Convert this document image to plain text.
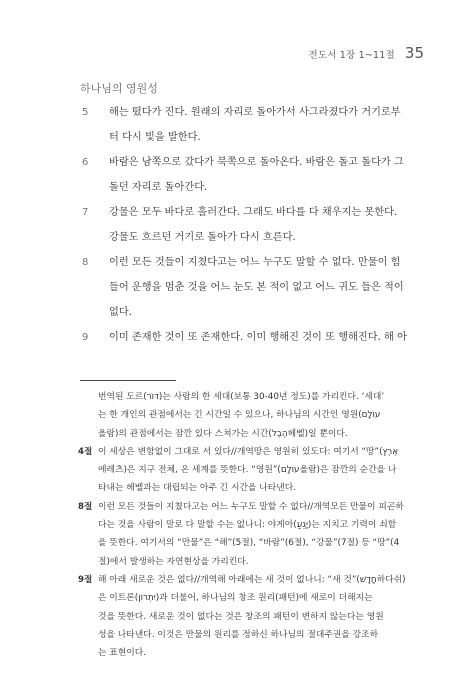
전도서 1장 1~11절 35
하나님의 영원성
5	해는 떴다가 진다. 원래의 자리로 돌아가서 사그라졌다가 거기로부
터 다시 빛을 발한다.
6	바람은 남쪽으로 갔다가 북쪽으로 돌아온다. 바람은 돌고 돌다가 그
돌던 자리로 돌아간다.
7	강물은 모두 바다로 흘러간다. 그래도 바다를 다 채우지는 못한다.
강물도 흐르던 거기로 돌아가 다시 흐른다.
8	이런 모든 것들이 지쳤다고는 어느 누구도 말할 수 없다. 만물이 힘
들어 운행을 멈춘 것을 어느 눈도 본 적이 없고 어느 귀도 들은 적이
없다.
9	이미 존재한 것이 또 존재한다. 이미 행해진 것이 또 행해진다. 해 아
번역된 도르(דּוֹר)는 사람의 한 세대(보통 30-40년 정도)를 가리킨다. ‘세대’
는 한 개인의 관점에서는 긴 시간일 수 있으나, 하나님의 시간인 영원(עוֹלָם
올람)의 관점에서는 잠깐 있다 스쳐가는 시간(הֶבֶל헤벨)일 뿐이다.
4절 이 세상은 변함없이 그대로 서 있다//개역땅은 영원히 있도다: 여기서 “땅”(אֶרֶץ
에레츠)은 지구 전체, 온 세계를 뜻한다. “영원”(עוֹלָם올람)은 잠깐의 순간을 나
타내는 헤벨과는 대립되는 아주 긴 시간을 나타낸다.
8절 이런 모든 것들이 지쳤다고는 어느 누구도 말할 수 없다//개역모든 만물이 피곤하
다는 것을 사람이 말로 다 말할 수는 없나니: 야게아(יָגֵעַ)는 지치고 기력이 쇠함
을 뜻한다. 여기서의 “만물”은 “해”(5절), “바람”(6절), “강물”(7절) 등 “땅”(4
절)에서 발생하는 자연현상을 가리킨다.
9절 해 아래 새로운 것은 없다//개역해 아래에는 새 것이 없나니: “새 것”(חָדָשׁ하다쉬)
은 이트론(יִתְרוֹן)과 더불어, 하나님의 창조 원리(패턴)에 새로이 더해지는
것을 뜻한다. 새로운 것이 없다는 것은 창조의 패턴이 변하지 않는다는 영원
성을 나타낸다. 이것은 만물의 원리를 정하신 하나님의 절대주권을 강조하
는 표현이다.
